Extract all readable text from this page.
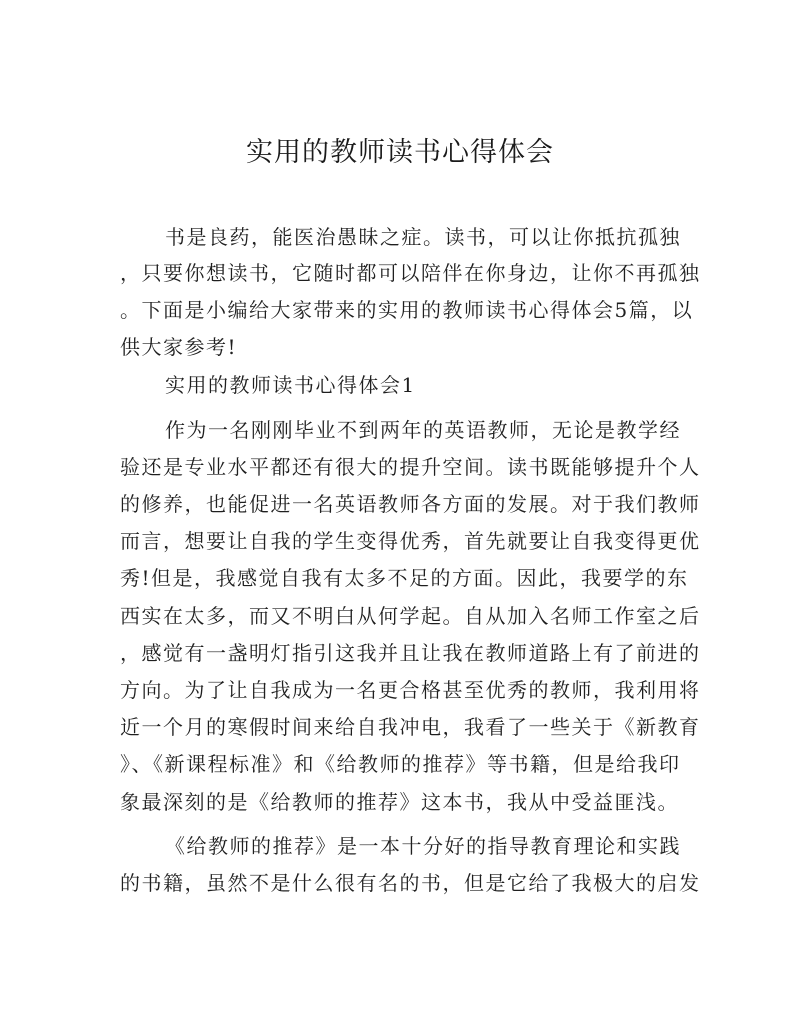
实用的教师读书心得体会
书是良药，能医治愚昧之症。读书，可以让你抵抗孤独
，只要你想读书，它随时都可以陪伴在你身边，让你不再孤独
。下面是小编给大家带来的实用的教师读书心得体会5篇，以
供大家参考!
实用的教师读书心得体会1
作为一名刚刚毕业不到两年的英语教师，无论是教学经
验还是专业水平都还有很大的提升空间。读书既能够提升个人
的修养，也能促进一名英语教师各方面的发展。对于我们教师
而言，想要让自我的学生变得优秀，首先就要让自我变得更优
秀!但是，我感觉自我有太多不足的方面。因此，我要学的东
西实在太多，而又不明白从何学起。自从加入名师工作室之后
，感觉有一盏明灯指引这我并且让我在教师道路上有了前进的
方向。为了让自我成为一名更合格甚至优秀的教师，我利用将
近一个月的寒假时间来给自我冲电，我看了一些关于《新教育
》、《新课程标准》和《给教师的推荐》等书籍，但是给我印
象最深刻的是《给教师的推荐》这本书，我从中受益匪浅。
《给教师的推荐》是一本十分好的指导教育理论和实践
的书籍，虽然不是什么很有名的书，但是它给了我极大的启发
